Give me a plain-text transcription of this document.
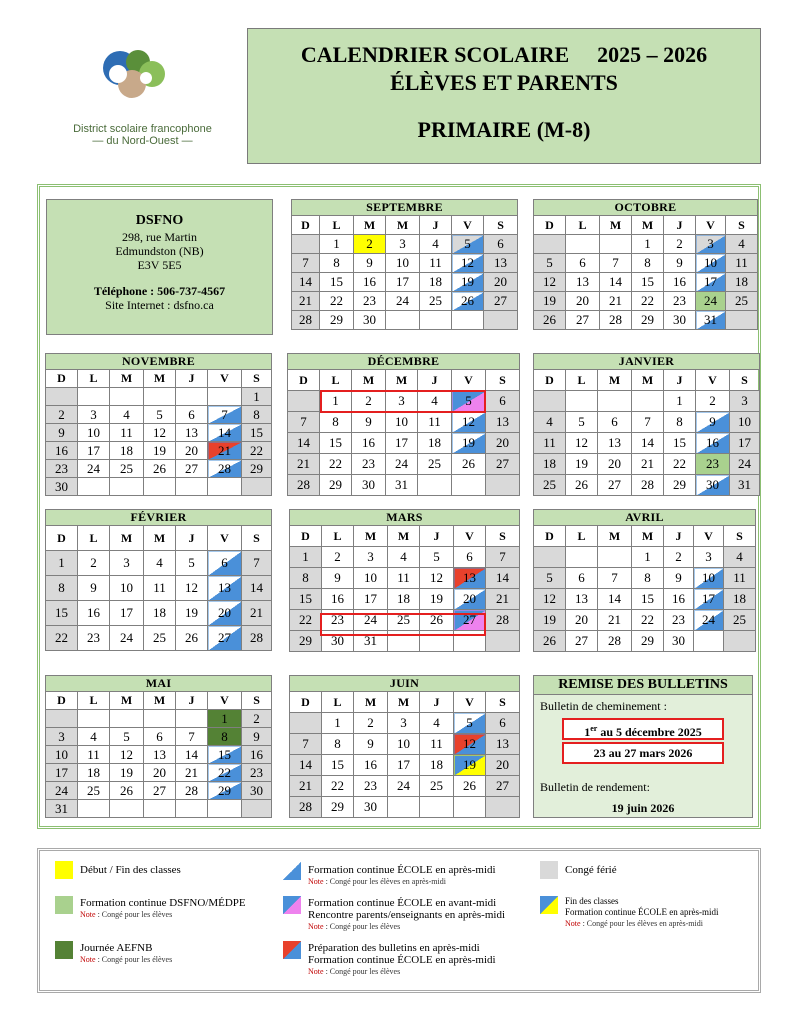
District scolaire francophone
— du Nord-Ouest —
CALENDRIER SCOLAIRE 2025 – 2026
ÉLÈVES ET PARENTS
PRIMAIRE (M-8)
DSFNO
298, rue Martin
Edmundston (NB)
E3V 5E5
Téléphone : 506-737-4567
Site Internet : dsfno.ca
SEPTEMBRE						
D	L	M	M	J	V	S
	1	2	3	4	5	6
7	8	9	10	11	12	13
14	15	16	17	18	19	20
21	22	23	24	25	26	27
28	29	30				
OCTOBRE						
D	L	M	M	J	V	S
			1	2	3	4
5	6	7	8	9	10	11
12	13	14	15	16	17	18
19	20	21	22	23	24	25
26	27	28	29	30	31	
NOVEMBRE						
D	L	M	M	J	V	S
						1
2	3	4	5	6	7	8
9	10	11	12	13	14	15
16	17	18	19	20	21	22
23	24	25	26	27	28	29
30						
DÉCEMBRE						
D	L	M	M	J	V	S
	1	2	3	4	5	6
7	8	9	10	11	12	13
14	15	16	17	18	19	20
21	22	23	24	25	26	27
28	29	30	31			
JANVIER						
D	L	M	M	J	V	S
				1	2	3
4	5	6	7	8	9	10
11	12	13	14	15	16	17
18	19	20	21	22	23	24
25	26	27	28	29	30	31
FÉVRIER						
D	L	M	M	J	V	S
1	2	3	4	5	6	7
8	9	10	11	12	13	14
15	16	17	18	19	20	21
22	23	24	25	26	27	28
MARS						
D	L	M	M	J	V	S
1	2	3	4	5	6	7
8	9	10	11	12	13	14
15	16	17	18	19	20	21
22	23	24	25	26	27	28
29	30	31				
AVRIL						
D	L	M	M	J	V	S
			1	2	3	4
5	6	7	8	9	10	11
12	13	14	15	16	17	18
19	20	21	22	23	24	25
26	27	28	29	30		
MAI						
D	L	M	M	J	V	S
					1	2
3	4	5	6	7	8	9
10	11	12	13	14	15	16
17	18	19	20	21	22	23
24	25	26	27	28	29	30
31						
JUIN						
D	L	M	M	J	V	S
	1	2	3	4	5	6
7	8	9	10	11	12	13
14	15	16	17	18	19	20
21	22	23	24	25	26	27
28	29	30				
REMISE DES BULLETINS
Bulletin de cheminement :
1er au 5 décembre 2025
23 au 27 mars 2026
Bulletin de rendement:
19 juin 2026
Début / Fin des classes	Formation continue ÉCOLE en après-midi
Note : Congé pour les élèves en après-midi
Congé férié
Formation continue DSFNO/MÉDPE
Note : Congé pour les élèves
Formation continue ÉCOLE en avant-midi
Rencontre parents/enseignants en après-midi
Note : Congé pour les élèves
Fin des classes
Formation continue ÉCOLE en après-midi
Note : Congé pour les élèves en après-midi
Journée AEFNB
Note : Congé pour les élèves
Préparation des bulletins en après-midi
Formation continue ÉCOLE en après-midi
Note : Congé pour les élèves
